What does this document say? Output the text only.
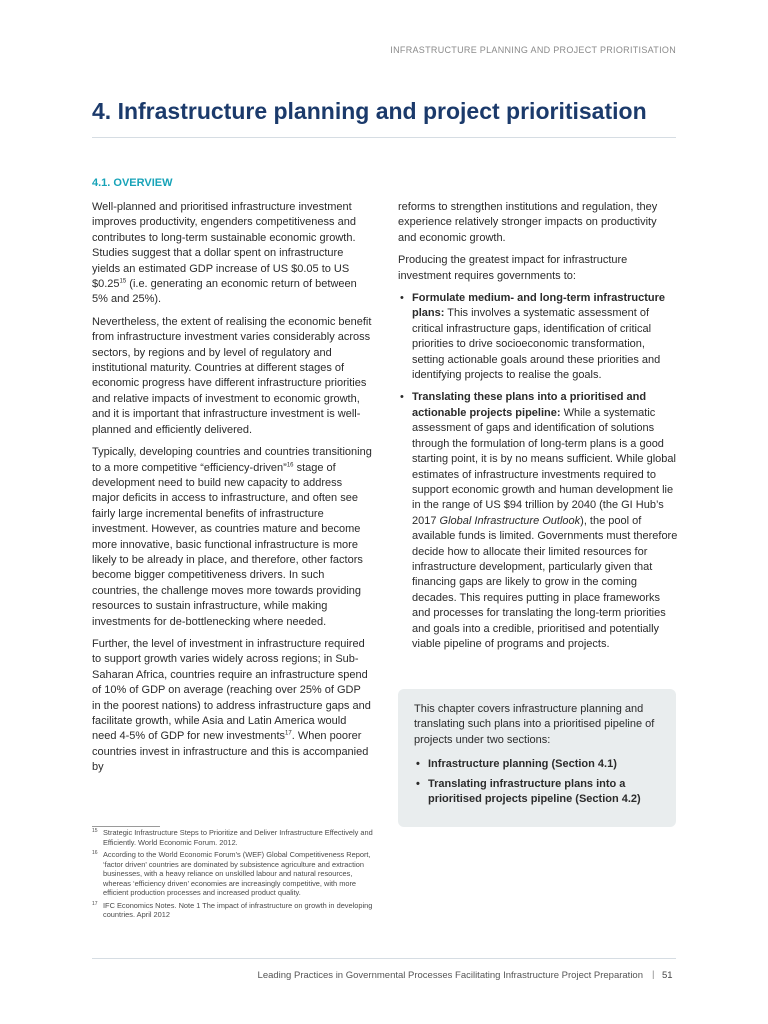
INFRASTRUCTURE PLANNING AND PROJECT PRIORITISATION
4. Infrastructure planning and project prioritisation
4.1. OVERVIEW

Well-planned and prioritised infrastructure investment improves productivity, engenders competitiveness and contributes to long-term sustainable economic growth. Studies suggest that a dollar spent on infrastructure yields an estimated GDP increase of US $0.05 to US $0.25$^{15}$ (i.e. generating an economic return of between 5% and 25%).

Nevertheless, the extent of realising the economic benefit from infrastructure investment varies considerably across sectors, by regions and by level of regulatory and institutional maturity. Countries at different stages of economic progress have different infrastructure priorities and relative impacts of investment to economic growth, and it is important that infrastructure investment is well-planned and efficiently delivered.

Typically, developing countries and countries transitioning to a more competitive “efficiency-driven”$^{16}$ stage of development need to build new capacity to address major deficits in access to infrastructure, and often see fairly large incremental benefits of infrastructure investment. However, as countries mature and become more innovative, basic functional infrastructure is more likely to be already in place, and therefore, other factors become bigger competitiveness drivers. In such countries, the challenge moves more towards providing resources to sustain infrastructure, while making investments for de-bottlenecking where needed.

Further, the level of investment in infrastructure required to support growth varies widely across regions; in Sub-Saharan Africa, countries require an infrastructure spend of 10% of GDP on average (reaching over 25% of GDP in the poorest nations) to address infrastructure gaps and facilitate growth, while Asia and Latin America would need 4-5% of GDP for new investments$^{17}$. When poorer countries invest in infrastructure and this is accompanied by

reforms to strengthen institutions and regulation, they experience relatively stronger impacts on productivity and economic growth.

Producing the greatest impact for infrastructure investment requires governments to:

• Formulate medium- and long-term infrastructure plans: This involves a systematic assessment of critical infrastructure gaps, identification of critical priorities to drive socioeconomic transformation, setting actionable goals around these priorities and identifying projects to realise the goals.
• Translating these plans into a prioritised and actionable projects pipeline: While a systematic assessment of gaps and identification of solutions through the formulation of long-term plans is a good starting point, it is by no means sufficient. While global estimates of infrastructure investments required to support economic growth and human development lie in the range of US $94 trillion by 2040 (the GI Hub’s 2017 Global Infrastructure Outlook), the pool of available funds is limited. Governments must therefore decide how to allocate their limited resources for infrastructure development, particularly given that financing gaps are likely to grow in the coming decades. This requires putting in place frameworks and processes for translating the long-term priorities and goals into a credible, prioritised and potentially viable pipeline of programs and projects.

This chapter covers infrastructure planning and translating such plans into a prioritised pipeline of projects under two sections:

• Infrastructure planning (Section 4.1)
• Translating infrastructure plans into a prioritised projects pipeline (Section 4.2)
15 Strategic Infrastructure Steps to Prioritize and Deliver Infrastructure Effectively and Efficiently. World Economic Forum. 2012.
16 According to the World Economic Forum’s (WEF) Global Competitiveness Report, ‘factor driven’ countries are dominated by subsistence agriculture and extraction businesses, with a heavy reliance on unskilled labour and natural resources, whereas ‘efficiency driven’ economies are increasingly competitive, with more efficient production processes and increased product quality.
17 IFC Economics Notes. Note 1 The impact of infrastructure on growth in developing countries. April 2012
Leading Practices in Governmental Processes Facilitating Infrastructure Project Preparation | 51
